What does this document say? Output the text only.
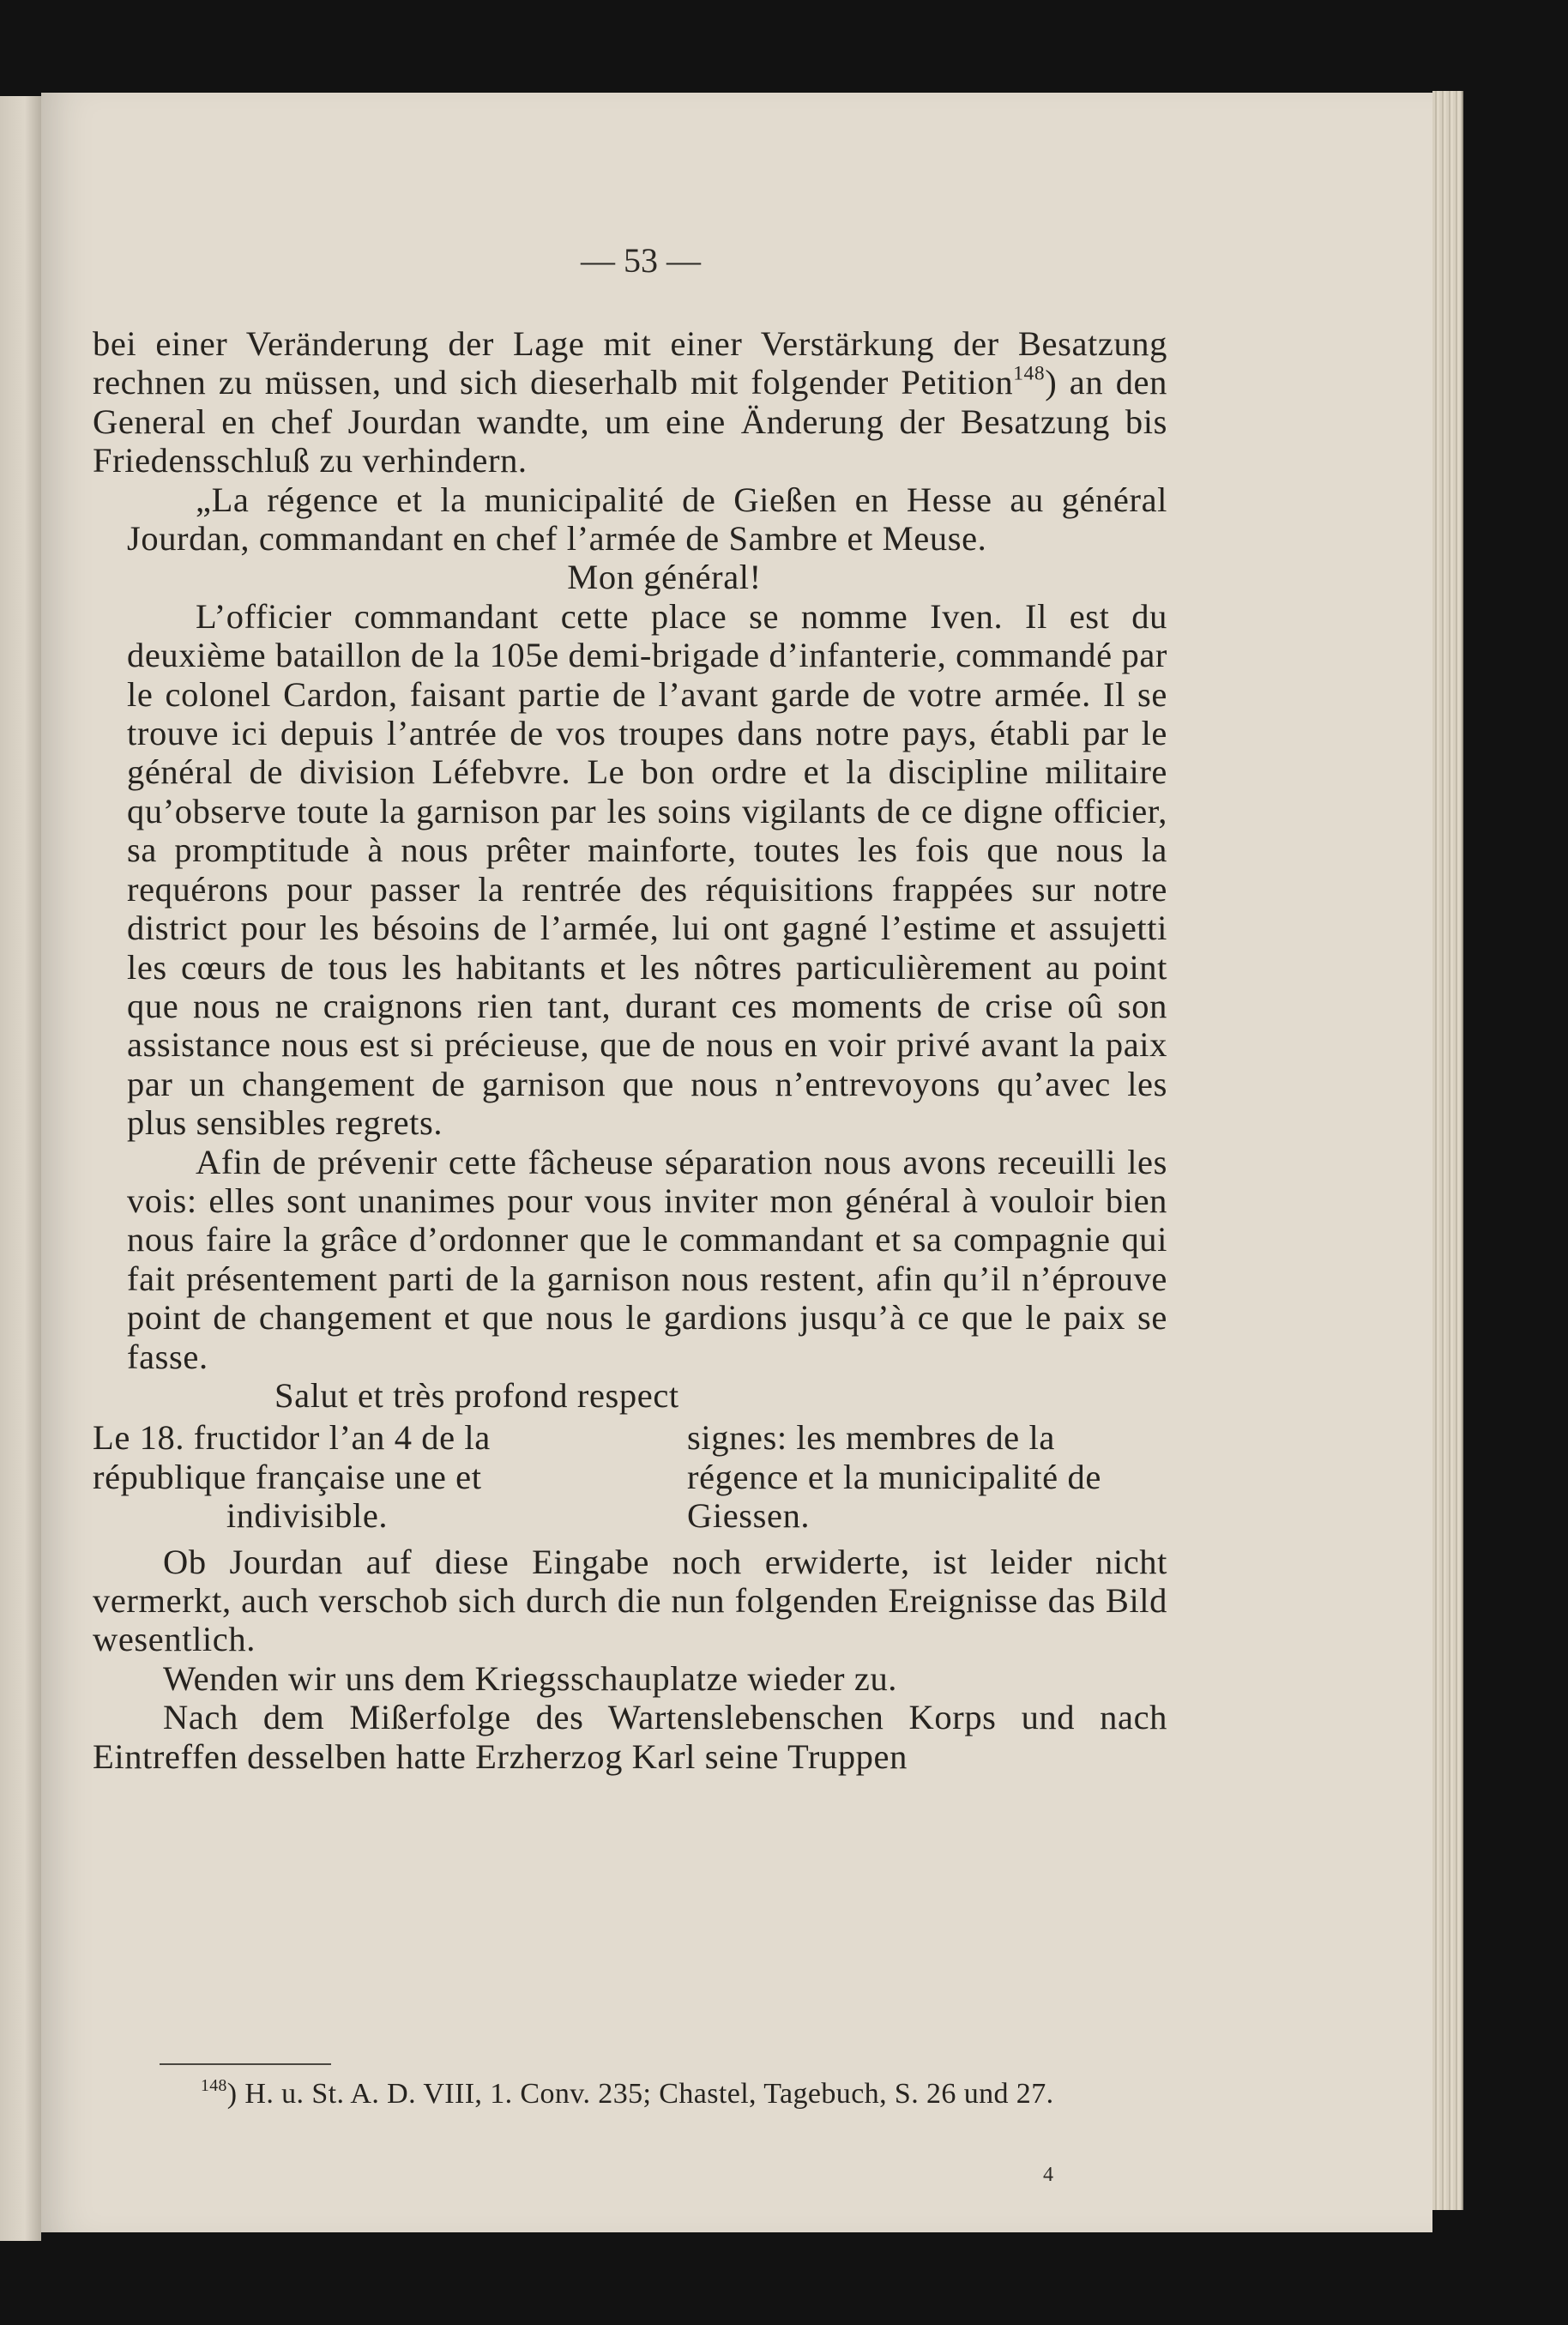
— 53 —

bei einer Veränderung der Lage mit einer Verstärkung der Besatzung rechnen zu müssen, und sich dieserhalb mit folgender Petition$^{148}$) an den General en chef Jourdan wandte, um eine Änderung der Besatzung bis Friedensschluß zu verhindern.

„La régence et la municipalité de Gießen en Hesse au général Jourdan, commandant en chef l’armée de Sambre et Meuse.

Mon général!

L’officier commandant cette place se nomme Iven. Il est du deuxième bataillon de la 105e demi-brigade d’infanterie, commandé par le colonel Cardon, faisant partie de l’avant garde de votre armée. Il se trouve ici depuis l’antrée de vos troupes dans notre pays, établi par le général de division Léfebvre. Le bon ordre et la discipline militaire qu’observe toute la garnison par les soins vigilants de ce digne officier, sa promptitude à nous prêter mainforte, toutes les fois que nous la requérons pour passer la rentrée des réquisitions frappées sur notre district pour les bésoins de l’armée, lui ont gagné l’estime et assujetti les cœurs de tous les habitants et les nôtres particulièrement au point que nous ne craignons rien tant, durant ces moments de crise oû son assistance nous est si précieuse, que de nous en voir privé avant la paix par un changement de garnison que nous n’entrevoyons qu’avec les plus sensibles regrets.

Afin de prévenir cette fâcheuse séparation nous avons receuilli les vois: elles sont unanimes pour vous inviter mon général à vouloir bien nous faire la grâce d’ordonner que le commandant et sa compagnie qui fait présentement parti de la garnison nous restent, afin qu’il n’éprouve point de changement et que nous le gardions jusqu’à ce que le paix se fasse.

Salut et très profond respect

Le 18. fructidor l’an 4 de la
république française une et
indivisible.
signes: les membres de la
régence et la municipalité de
Giessen.

Ob Jourdan auf diese Eingabe noch erwiderte, ist leider nicht vermerkt, auch verschob sich durch die nun folgenden Ereignisse das Bild wesentlich.

Wenden wir uns dem Kriegsschauplatze wieder zu.

Nach dem Mißerfolge des Wartenslebenschen Korps und nach Eintreffen desselben hatte Erzherzog Karl seine Truppen

$^{148}$) H. u. St. A. D. VIII, 1. Conv. 235; Chastel, Tagebuch, S. 26 und 27.

4
